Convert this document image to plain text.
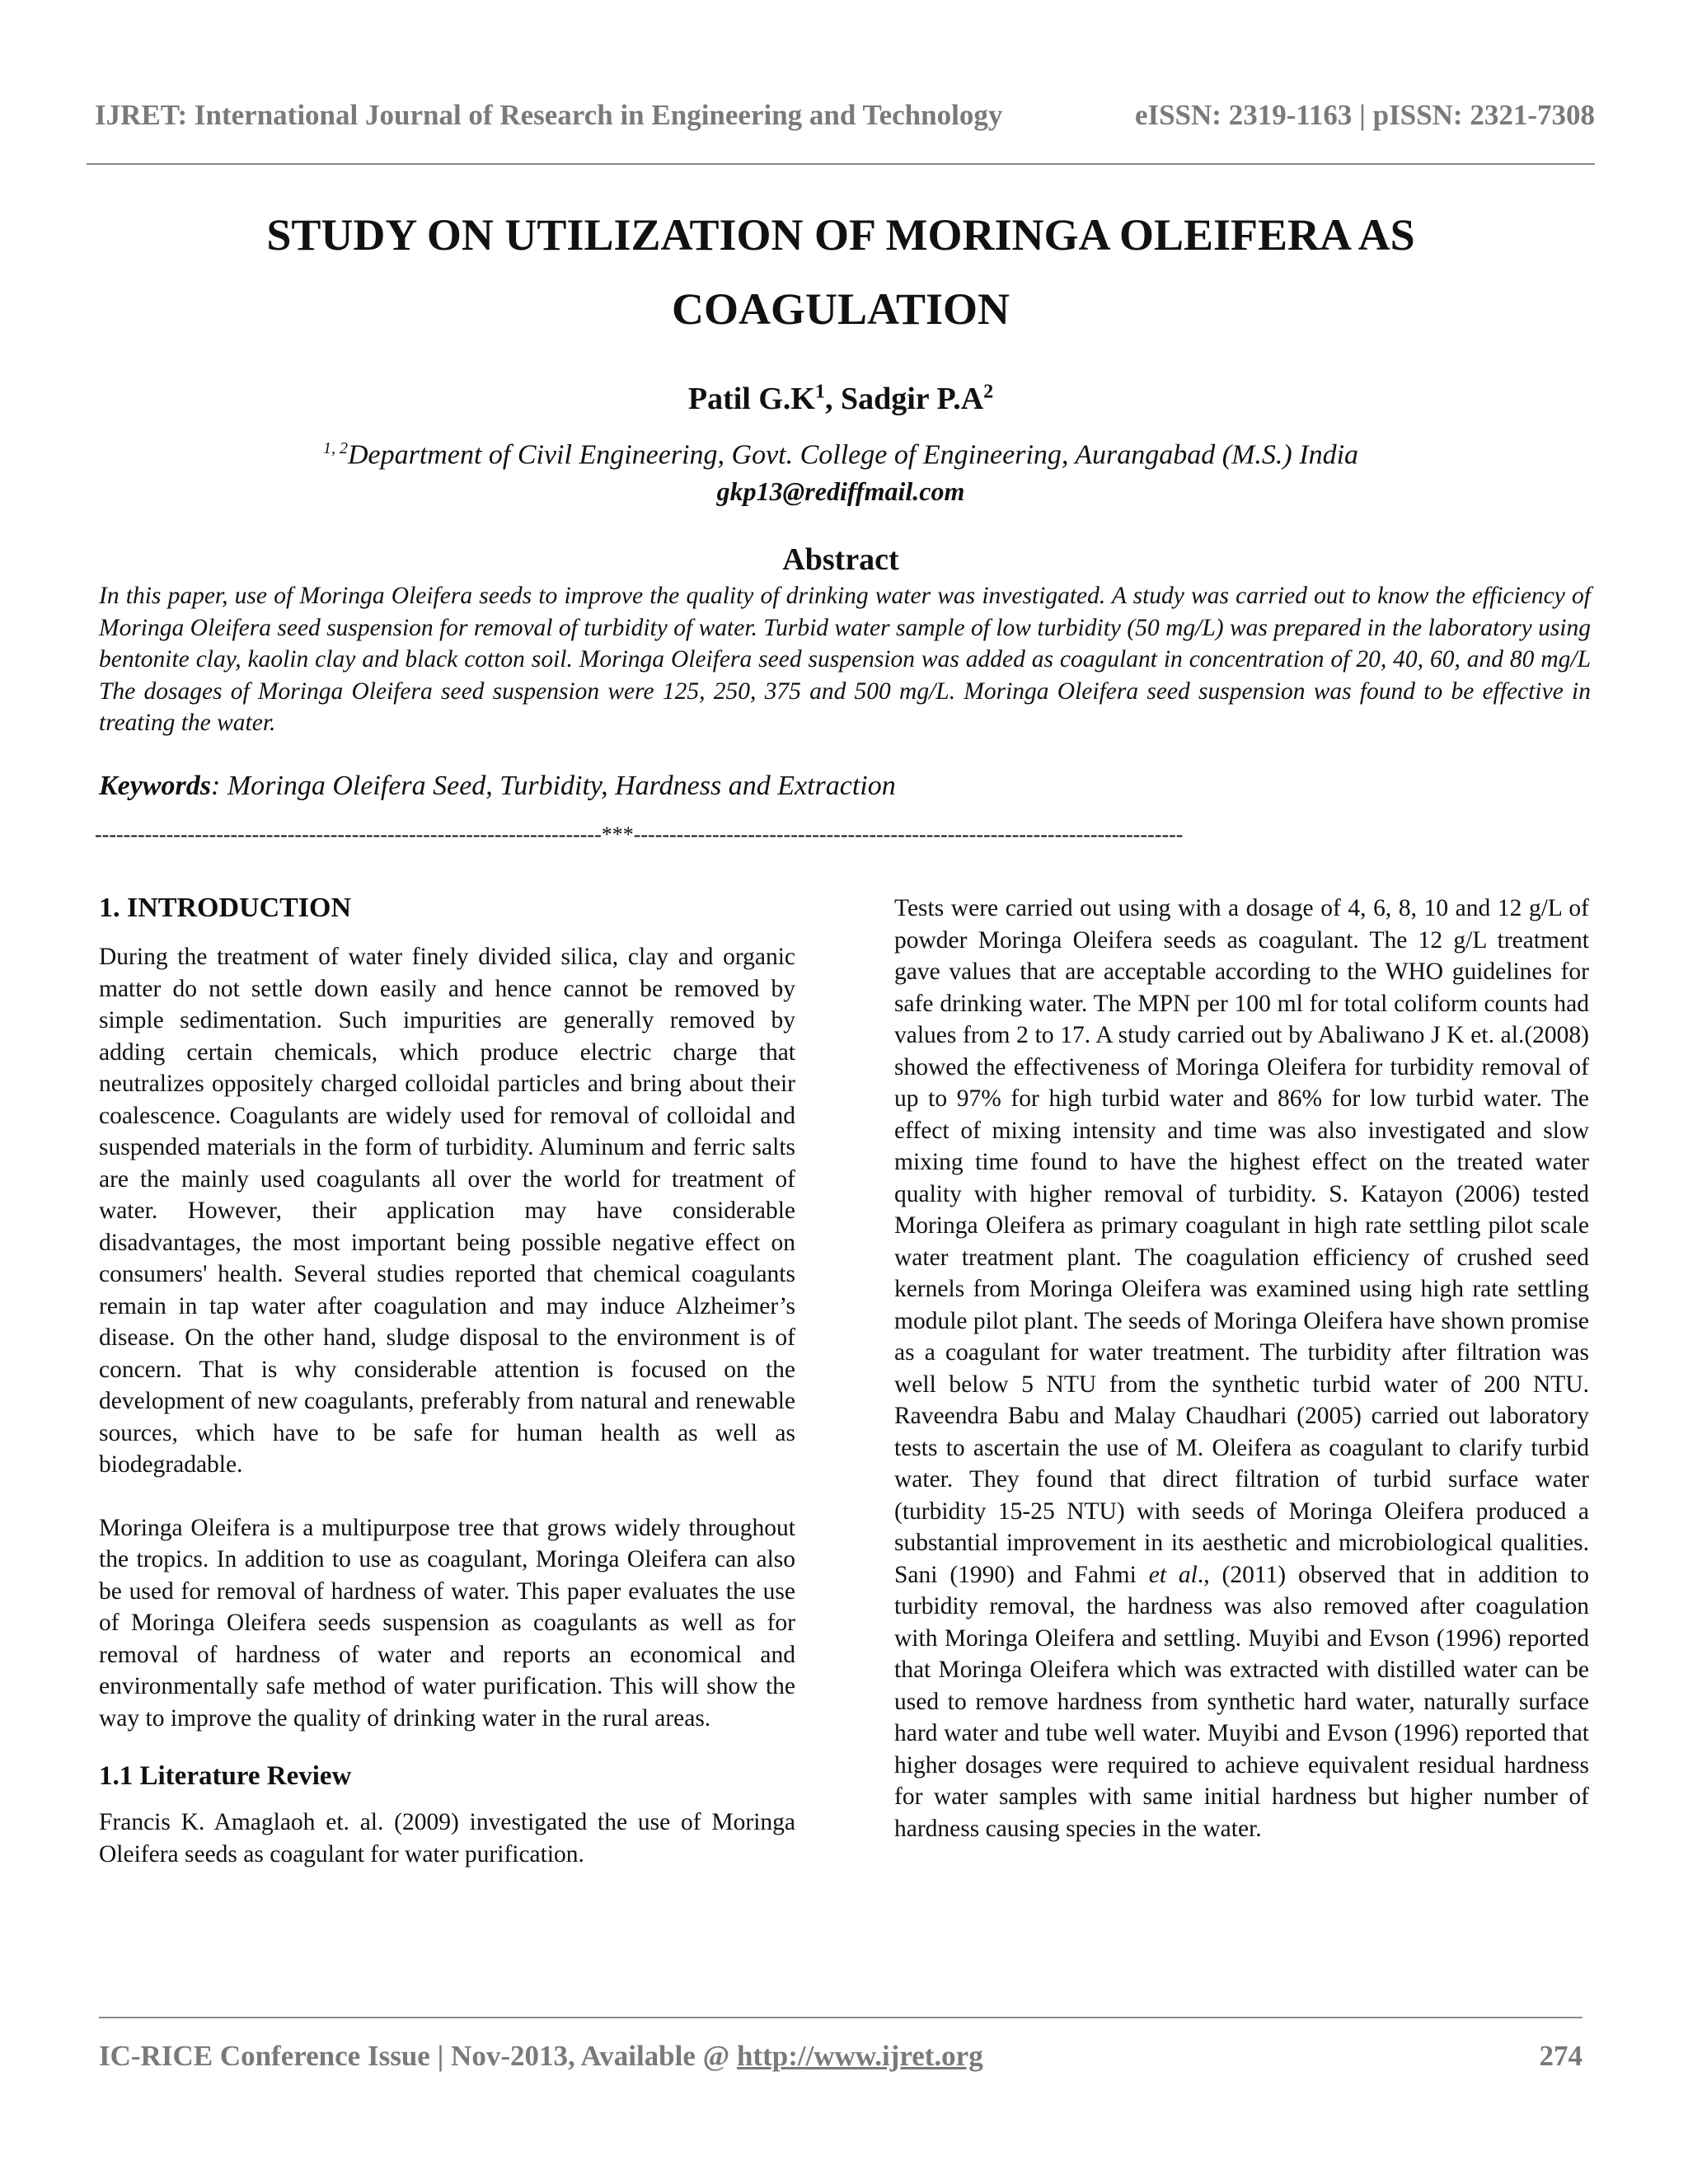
IJRET: International Journal of Research in Engineering and Technology	eISSN: 2319-1163 | pISSN: 2321-7308
STUDY ON UTILIZATION OF MORINGA OLEIFERA AS
COAGULATION
Patil $G.K^1$, Sadgir $P.A^2$
$^{1, 2}$Department of Civil Engineering, Govt. College of Engineering, Aurangabad (M.S.) India
gkp13@rediffmail.com
Abstract
In this paper, use of Moringa Oleifera seeds to improve the quality of drinking water was investigated. A study was carried out to know the efficiency of Moringa Oleifera seed suspension for removal of turbidity of water. Turbid water sample of low turbidity (50 mg/L) was prepared in the laboratory using bentonite clay, kaolin clay and black cotton soil. Moringa Oleifera seed suspension was added as coagulant in concentration of 20, 40, 60, and 80 mg/L The dosages of Moringa Oleifera seed suspension were 125, 250, 375 and 500 mg/L. Moringa Oleifera seed suspension was found to be effective in treating the water.
Keywords: Moringa Oleifera Seed, Turbidity, Hardness and Extraction
-----------------------------------------------------------------------***-----------------------------------------------------------------------------
1. INTRODUCTION

During the treatment of water finely divided silica, clay and organic matter do not settle down easily and hence cannot be removed by simple sedimentation. Such impurities are generally removed by adding certain chemicals, which produce electric charge that neutralizes oppositely charged colloidal particles and bring about their coalescence. Coagulants are widely used for removal of colloidal and suspended materials in the form of turbidity. Aluminum and ferric salts are the mainly used coagulants all over the world for treatment of water. However, their application may have considerable disadvantages, the most important being possible negative effect on consumers' health. Several studies reported that chemical coagulants remain in tap water after coagulation and may induce Alzheimer’s disease. On the other hand, sludge disposal to the environment is of concern. That is why considerable attention is focused on the development of new coagulants, preferably from natural and renewable sources, which have to be safe for human health as well as biodegradable.

Moringa Oleifera is a multipurpose tree that grows widely throughout the tropics. In addition to use as coagulant, Moringa Oleifera can also be used for removal of hardness of water. This paper evaluates the use of Moringa Oleifera seeds suspension as coagulants as well as for removal of hardness of water and reports an economical and environmentally safe method of water purification. This will show the way to improve the quality of drinking water in the rural areas.

1.1 Literature Review

Francis K. Amaglaoh et. al. (2009) investigated the use of Moringa Oleifera seeds as coagulant for water purification.

Tests were carried out using with a dosage of 4, 6, 8, 10 and 12 g/L of powder Moringa Oleifera seeds as coagulant. The 12 g/L treatment gave values that are acceptable according to the WHO guidelines for safe drinking water. The MPN per 100 ml for total coliform counts had values from 2 to 17. A study carried out by Abaliwano J K et. al.(2008) showed the effectiveness of Moringa Oleifera for turbidity removal of up to 97% for high turbid water and 86% for low turbid water. The effect of mixing intensity and time was also investigated and slow mixing time found to have the highest effect on the treated water quality with higher removal of turbidity. S. Katayon (2006) tested Moringa Oleifera as primary coagulant in high rate settling pilot scale water treatment plant. The coagulation efficiency of crushed seed kernels from Moringa Oleifera was examined using high rate settling module pilot plant. The seeds of Moringa Oleifera have shown promise as a coagulant for water treatment. The turbidity after filtration was well below 5 NTU from the synthetic turbid water of 200 NTU. Raveendra Babu and Malay Chaudhari (2005) carried out laboratory tests to ascertain the use of M. Oleifera as coagulant to clarify turbid water. They found that direct filtration of turbid surface water (turbidity 15-25 NTU) with seeds of Moringa Oleifera produced a substantial improvement in its aesthetic and microbiological qualities. Sani (1990) and Fahmi et al., (2011) observed that in addition to turbidity removal, the hardness was also removed after coagulation with Moringa Oleifera and settling. Muyibi and Evson (1996) reported that Moringa Oleifera which was extracted with distilled water can be used to remove hardness from synthetic hard water, naturally surface hard water and tube well water. Muyibi and Evson (1996) reported that higher dosages were required to achieve equivalent residual hardness for water samples with same initial hardness but higher number of hardness causing species in the water.

IC-RICE Conference Issue | Nov-2013, Available @ http://www.ijret.org	274
